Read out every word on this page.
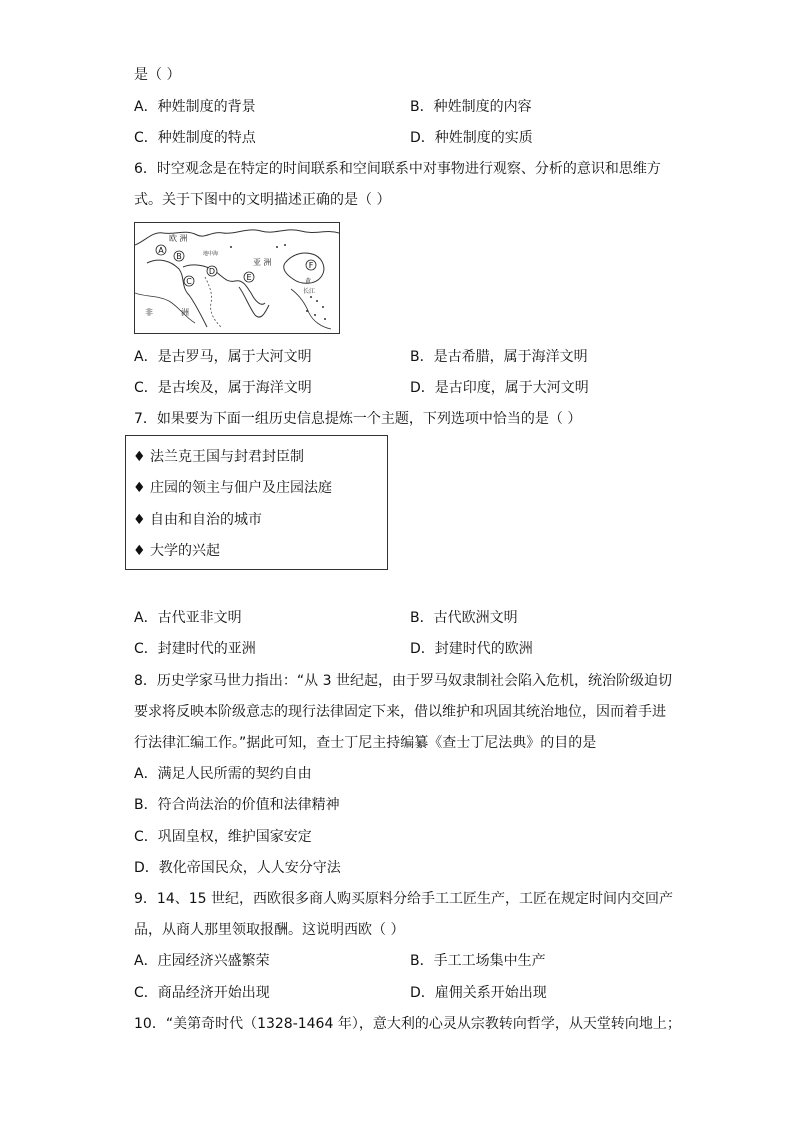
是（ ）
A．种姓制度的背景	B．种姓制度的内容
C．种姓制度的特点	D．种姓制度的实质
6．时空观念是在特定的时间联系和空间联系中对事物进行观察、分析的意识和思维方
式。关于下图中的文明描述正确的是（ ）
欧 洲
亚 洲
非	洲
地中海
黄
长江
A
B
C
D
E
F
A．是古罗马，属于大河文明	B．是古希腊，属于海洋文明
C．是古埃及，属于海洋文明	D．是古印度，属于大河文明
7．如果要为下面一组历史信息提炼一个主题，下列选项中恰当的是（ ）
♦ 法兰克王国与封君封臣制
♦ 庄园的领主与佃户及庄园法庭
♦ 自由和自治的城市
♦ 大学的兴起
A．古代亚非文明	B．古代欧洲文明
C．封建时代的亚洲	D．封建时代的欧洲
8．历史学家马世力指出：“从 3 世纪起，由于罗马奴隶制社会陷入危机，统治阶级迫切
要求将反映本阶级意志的现行法律固定下来，借以维护和巩固其统治地位，因而着手进
行法律汇编工作。”据此可知，查士丁尼主持编纂《查士丁尼法典》的目的是
A．满足人民所需的契约自由
B．符合尚法治的价值和法律精神
C．巩固皇权，维护国家安定
D．教化帝国民众，人人安分守法
9．14、15 世纪，西欧很多商人购买原料分给手工工匠生产，工匠在规定时间内交回产
品，从商人那里领取报酬。这说明西欧（ ）
A．庄园经济兴盛繁荣	B．手工工场集中生产
C．商品经济开始出现	D．雇佣关系开始出现
10．“美第奇时代（1328-1464 年），意大利的心灵从宗教转向哲学，从天堂转向地上；
